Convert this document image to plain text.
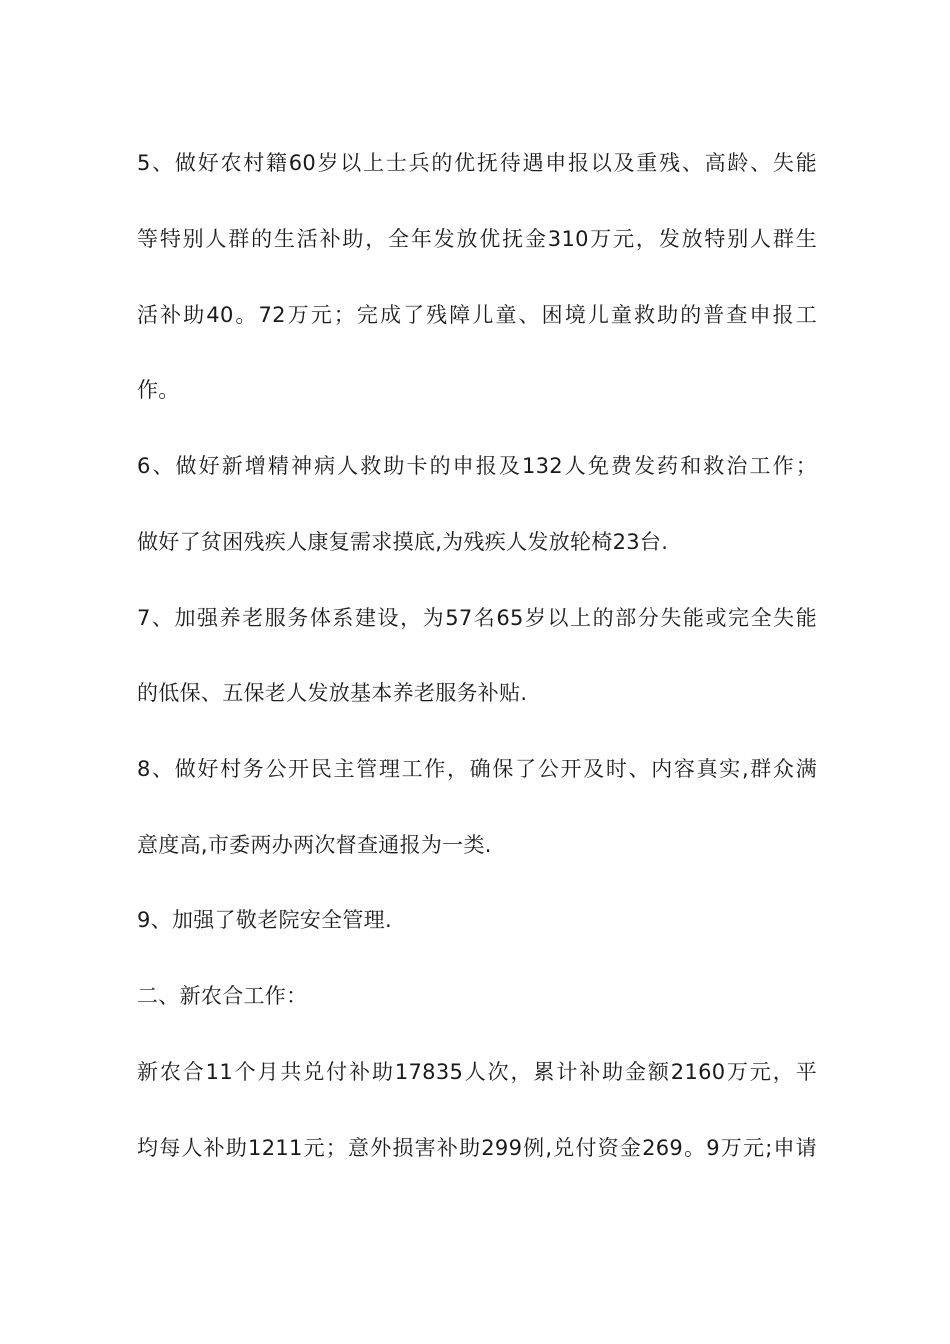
5、做好农村籍60岁以上士兵的优抚待遇申报以及重残、高龄、失能
等特别人群的生活补助，全年发放优抚金310万元，发放特别人群生
活补助40。72万元；完成了残障儿童、困境儿童救助的普查申报工
作。
6、做好新增精神病人救助卡的申报及132人免费发药和救治工作；
做好了贫困残疾人康复需求摸底,为残疾人发放轮椅23台.
7、加强养老服务体系建设，为57名65岁以上的部分失能或完全失能
的低保、五保老人发放基本养老服务补贴.
8、做好村务公开民主管理工作，确保了公开及时、内容真实,群众满
意度高,市委两办两次督查通报为一类.
9、加强了敬老院安全管理.
二、新农合工作：
新农合11个月共兑付补助17835人次，累计补助金额2160万元，平
均每人补助1211元；意外损害补助299例,兑付资金269。9万元;申请
